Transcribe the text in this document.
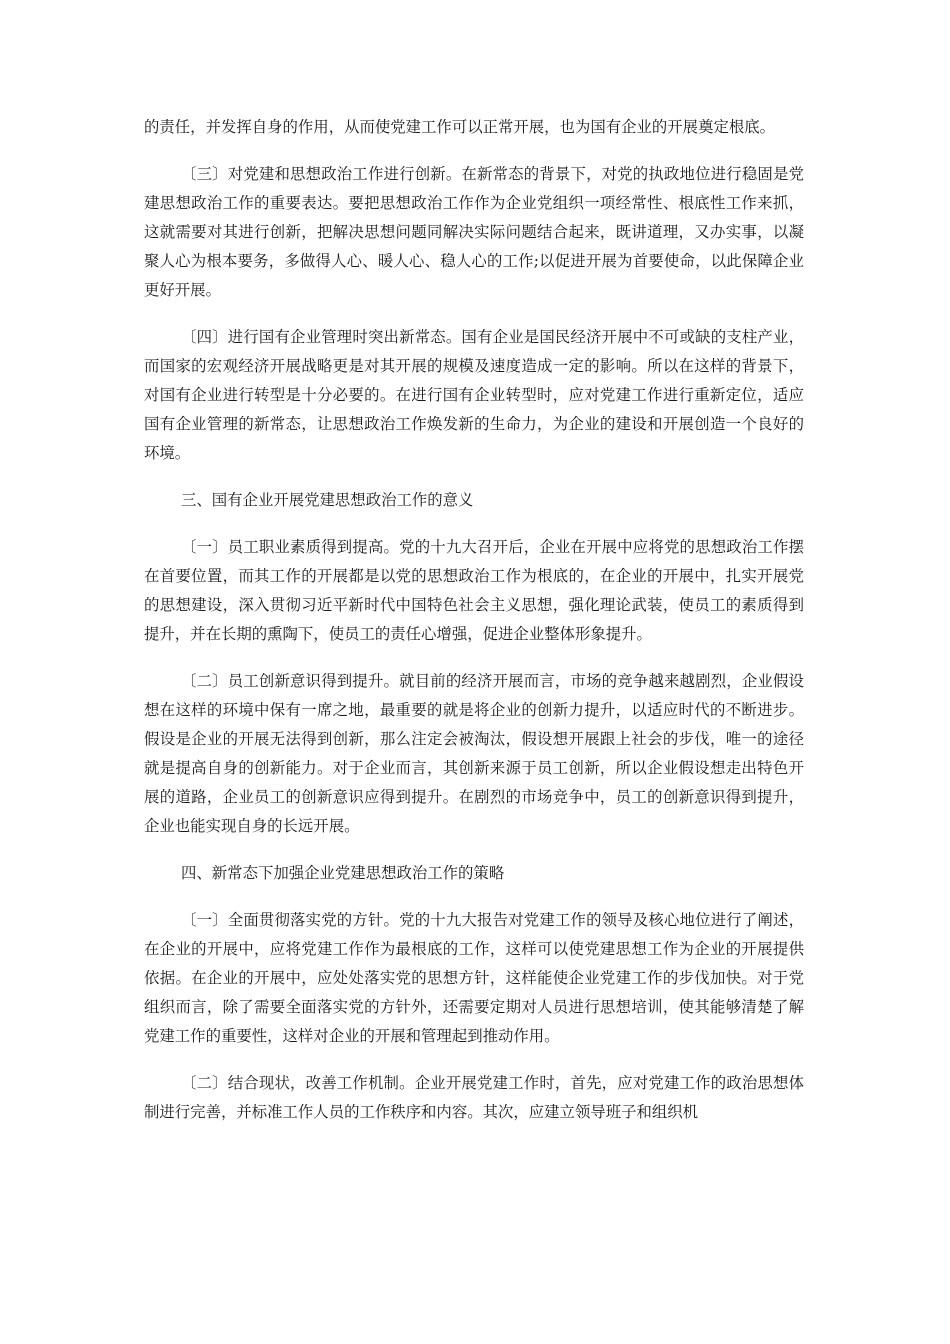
的责任，并发挥自身的作用，从而使党建工作可以正常开展，也为国有企业的开展奠定根底。

〔三〕对党建和思想政治工作进行创新。在新常态的背景下，对党的执政地位进行稳固是党建思想政治工作的重要表达。要把思想政治工作作为企业党组织一项经常性、根底性工作来抓，这就需要对其进行创新，把解决思想问题同解决实际问题结合起来，既讲道理，又办实事，以凝聚人心为根本要务，多做得人心、暖人心、稳人心的工作;以促进开展为首要使命，以此保障企业更好开展。

〔四〕进行国有企业管理时突出新常态。国有企业是国民经济开展中不可或缺的支柱产业，而国家的宏观经济开展战略更是对其开展的规模及速度造成一定的影响。所以在这样的背景下，对国有企业进行转型是十分必要的。在进行国有企业转型时，应对党建工作进行重新定位，适应国有企业管理的新常态，让思想政治工作焕发新的生命力，为企业的建设和开展创造一个良好的环境。

三、国有企业开展党建思想政治工作的意义

〔一〕员工职业素质得到提高。党的十九大召开后，企业在开展中应将党的思想政治工作摆在首要位置，而其工作的开展都是以党的思想政治工作为根底的，在企业的开展中，扎实开展党的思想建设，深入贯彻习近平新时代中国特色社会主义思想，强化理论武装，使员工的素质得到提升，并在长期的熏陶下，使员工的责任心增强，促进企业整体形象提升。

〔二〕员工创新意识得到提升。就目前的经济开展而言，市场的竞争越来越剧烈，企业假设想在这样的环境中保有一席之地，最重要的就是将企业的创新力提升，以适应时代的不断进步。假设是企业的开展无法得到创新，那么注定会被淘汰，假设想开展跟上社会的步伐，唯一的途径就是提高自身的创新能力。对于企业而言，其创新来源于员工创新，所以企业假设想走出特色开展的道路，企业员工的创新意识应得到提升。在剧烈的市场竞争中，员工的创新意识得到提升，企业也能实现自身的长远开展。

四、新常态下加强企业党建思想政治工作的策略

〔一〕全面贯彻落实党的方针。党的十九大报告对党建工作的领导及核心地位进行了阐述，在企业的开展中，应将党建工作作为最根底的工作，这样可以使党建思想工作为企业的开展提供依据。在企业的开展中，应处处落实党的思想方针，这样能使企业党建工作的步伐加快。对于党组织而言，除了需要全面落实党的方针外，还需要定期对人员进行思想培训，使其能够清楚了解党建工作的重要性，这样对企业的开展和管理起到推动作用。

〔二〕结合现状，改善工作机制。企业开展党建工作时，首先，应对党建工作的政治思想体制进行完善，并标准工作人员的工作秩序和内容。其次，应建立领导班子和组织机
